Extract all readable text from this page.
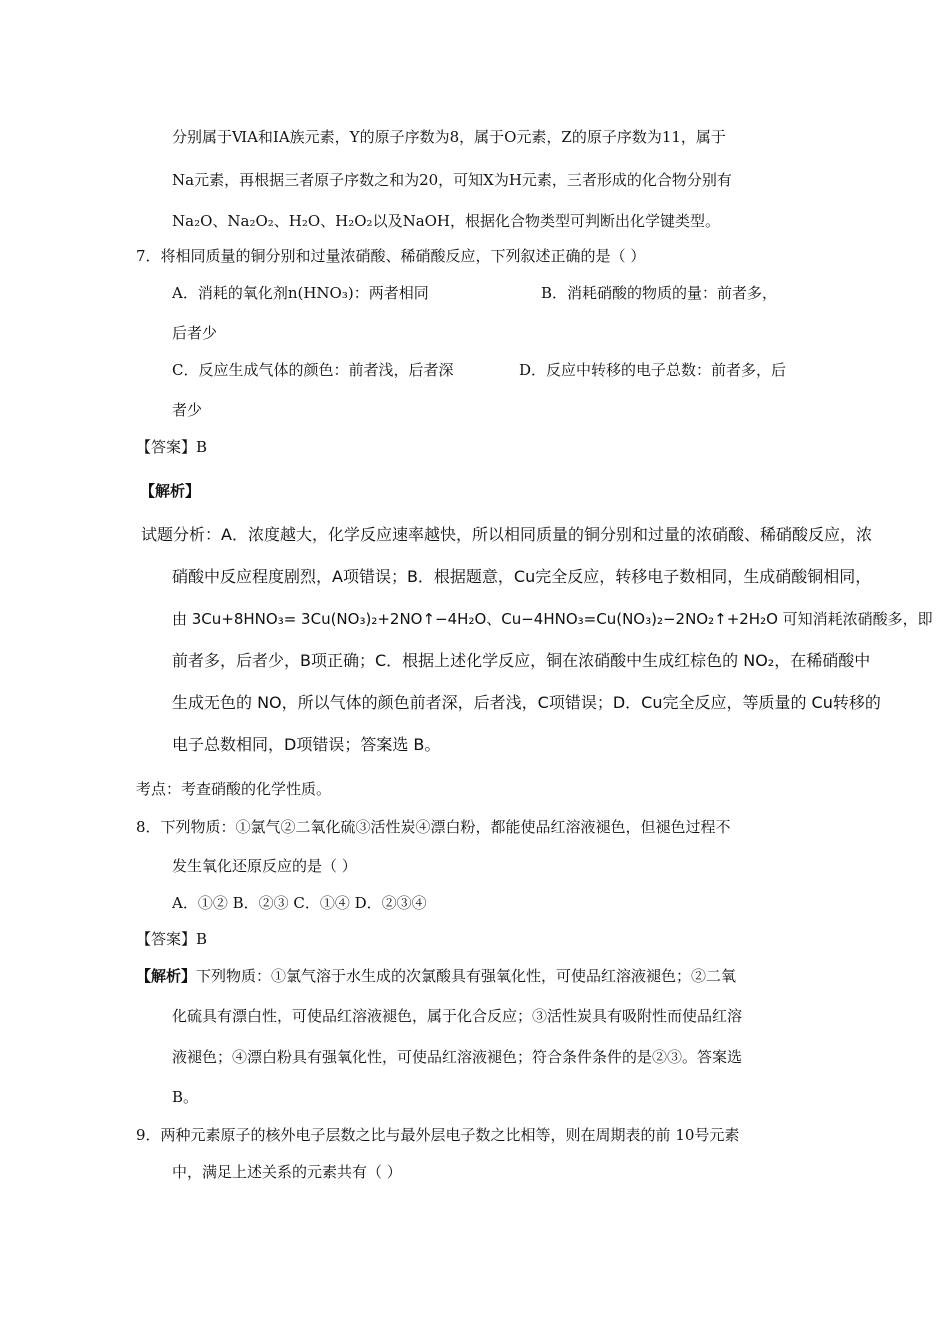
分别属于ⅥA和ⅠA族元素，Y的原子序数为8，属于O元素，Z的原子序数为11，属于
Na元素，再根据三者原子序数之和为20，可知X为H元素，三者形成的化合物分别有
Na₂O、Na₂O₂、H₂O、H₂O₂以及NaOH，根据化合物类型可判断出化学键类型。
7．将相同质量的铜分别和过量浓硝酸、稀硝酸反应，下列叙述正确的是（ ）
A．消耗的氧化剂n(HNO₃)：两者相同	B．消耗硝酸的物质的量：前者多，
后者少
C．反应生成气体的颜色：前者浅，后者深	D．反应中转移的电子总数：前者多，后
者少
【答案】B
【解析】
试题分析：A．浓度越大，化学反应速率越快，所以相同质量的铜分别和过量的浓硝酸、稀硝酸反应，浓
硝酸中反应程度剧烈，A项错误；B．根据题意，Cu完全反应，转移电子数相同，生成硝酸铜相同，
由 3Cu+8HNO₃= 3Cu(NO₃)₂+2NO↑−4H₂O、Cu−4HNO₃=Cu(NO₃)₂−2NO₂↑+2H₂O 可知消耗浓硝酸多，即
前者多，后者少，B项正确；C．根据上述化学反应，铜在浓硝酸中生成红棕色的 NO₂，在稀硝酸中
生成无色的 NO，所以气体的颜色前者深，后者浅，C项错误；D．Cu完全反应，等质量的 Cu转移的
电子总数相同，D项错误；答案选 B。
考点：考查硝酸的化学性质。
8．下列物质：①氯气②二氧化硫③活性炭④漂白粉，都能使品红溶液褪色，但褪色过程不
发生氧化还原反应的是（ ）
A．①② B．②③ C．①④ D．②③④
【答案】B
【解析】下列物质：①氯气溶于水生成的次氯酸具有强氧化性，可使品红溶液褪色；②二氧
化硫具有漂白性，可使品红溶液褪色，属于化合反应；③活性炭具有吸附性而使品红溶
液褪色；④漂白粉具有强氧化性，可使品红溶液褪色；符合条件条件的是②③。答案选
B。
9．两种元素原子的核外电子层数之比与最外层电子数之比相等，则在周期表的前 10号元素
中，满足上述关系的元素共有（ ）
